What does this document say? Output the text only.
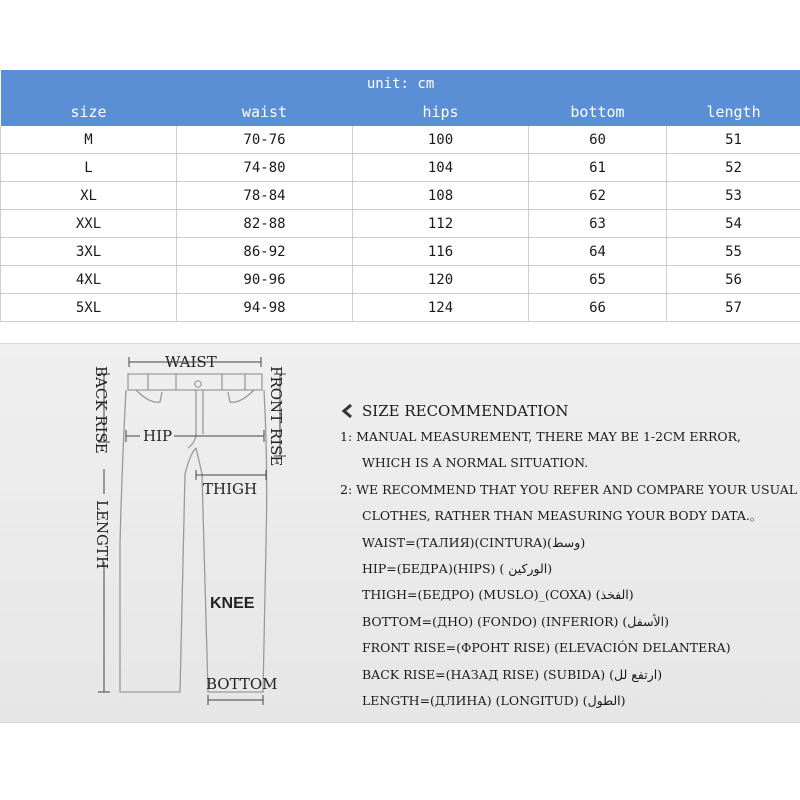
unit: cm				
size	waist	hips	bottom	length
M	70-76	100	60	51
L	74-80	104	61	52
XL	78-84	108	62	53
XXL	82-88	112	63	54
3XL	86-92	116	64	55
4XL	90-96	120	65	56
5XL	94-98	124	66	57
WAIST
BACK RISE	FRONT RISE
HIP
THIGH
LENGTH
KNEE
BOTTOM
SIZE RECOMMENDATION
1: MANUAL MEASUREMENT, THERE MAY BE 1-2CM ERROR,
WHICH IS A NORMAL SITUATION.
2: WE RECOMMEND THAT YOU REFER AND COMPARE YOUR USUAL
CLOTHES, RATHER THAN MEASURING YOUR BODY DATA.。
WAIST=(ТАЛИЯ)(CINTURA)(وسط)
HIP=(БЕДРА)(HIPS) ( الوركين)
THIGH=(БЕДРО) (MUSLO)_(COXA) (الفخذ)
BOTTOM=(ДНО) (FONDO) (INFERIOR) (الأسفل)
FRONT RISE=(ФРОНТ RISE) (ELEVACIÓN DELANTERA)
BACK RISE=(НАЗАД RISE) (SUBIDA) (ارتفع لل)
LENGTH=(ДЛИНА) (LONGITUD) (الطول)
